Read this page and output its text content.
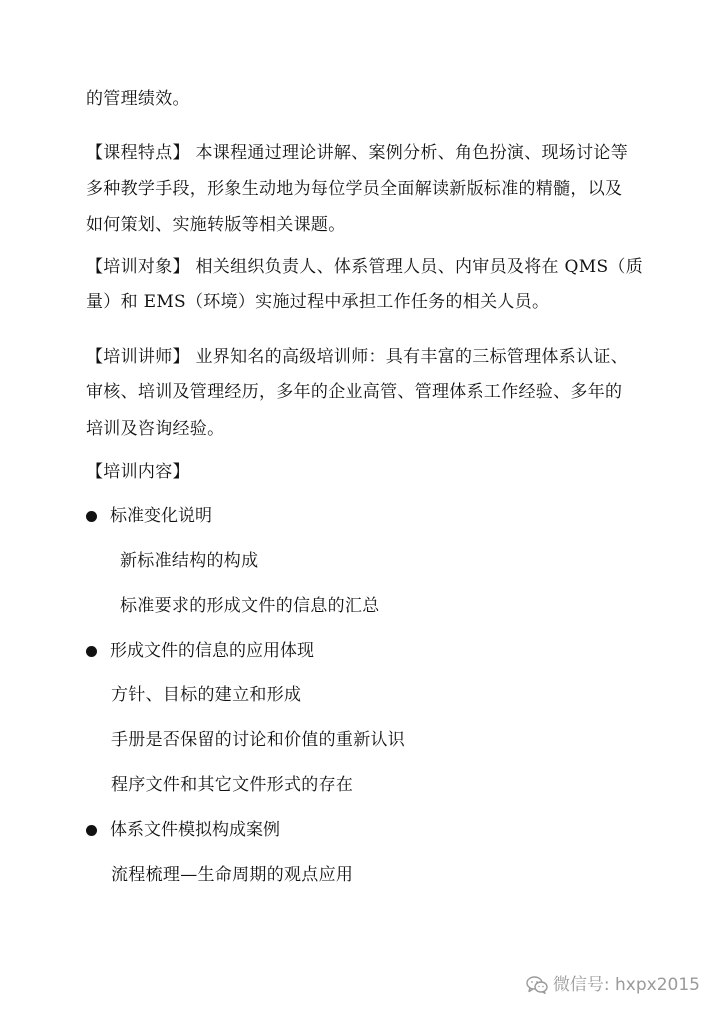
的管理绩效。
【课程特点】 本课程通过理论讲解、案例分析、角色扮演、现场讨论等
多种教学手段，形象生动地为每位学员全面解读新版标准的精髓，以及
如何策划、实施转版等相关课题。
【培训对象】 相关组织负责人、体系管理人员、内审员及将在 QMS（质
量）和 EMS（环境）实施过程中承担工作任务的相关人员。
【培训讲师】 业界知名的高级培训师：具有丰富的三标管理体系认证、
审核、培训及管理经历，多年的企业高管、管理体系工作经验、多年的
培训及咨询经验。
【培训内容】
标准变化说明
新标准结构的构成
标准要求的形成文件的信息的汇总
形成文件的信息的应用体现
方针、目标的建立和形成
手册是否保留的讨论和价值的重新认识
程序文件和其它文件形式的存在
体系文件模拟构成案例
流程梳理—生命周期的观点应用
微信号: hxpx2015
